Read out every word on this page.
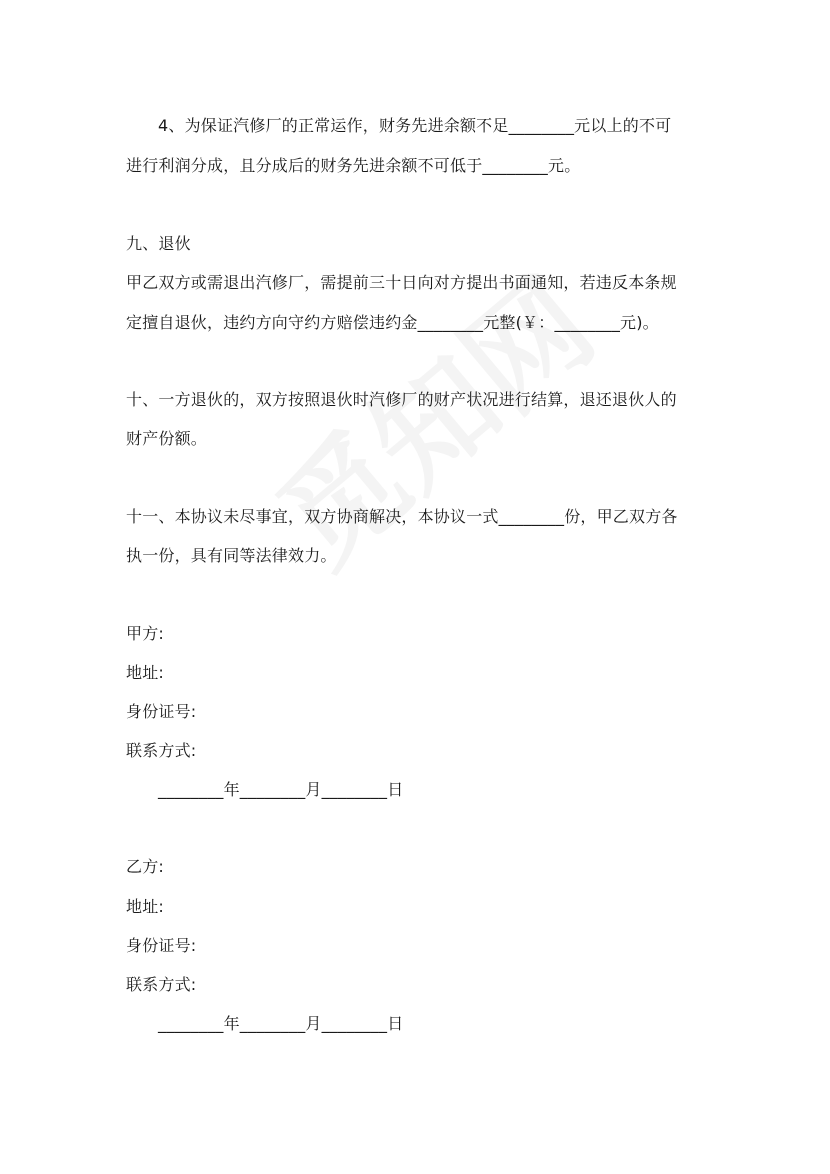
4、为保证汽修厂的正常运作，财务先进余额不足________元以上的不可
进行利润分成，且分成后的财务先进余额不可低于________元。
九、退伙
甲乙双方或需退出汽修厂，需提前三十日向对方提出书面通知，若违反本条规
定擅自退伙，违约方向守约方赔偿违约金________元整(￥：________元)。
十、一方退伙的，双方按照退伙时汽修厂的财产状况进行结算，退还退伙人的
财产份额。
十一、本协议未尽事宜，双方协商解决，本协议一式________份，甲乙双方各
执一份，具有同等法律效力。
甲方:
地址:
身份证号:
联系方式:
________年________月________日
乙方:
地址:
身份证号:
联系方式:
________年________月________日
